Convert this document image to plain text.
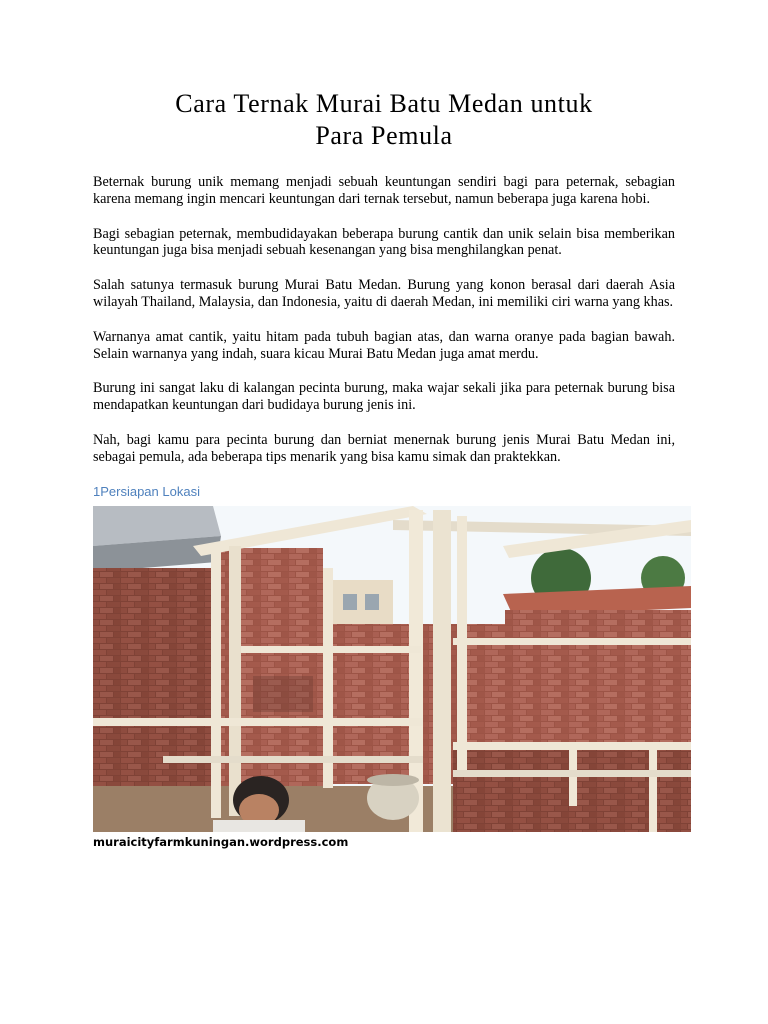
Cara Ternak Murai Batu Medan untuk
Para Pemula

Beternak burung unik memang menjadi sebuah keuntungan sendiri bagi para peternak, sebagian karena memang ingin mencari keuntungan dari ternak tersebut, namun beberapa juga karena hobi.

Bagi sebagian peternak, membudidayakan beberapa burung cantik dan unik selain bisa memberikan keuntungan juga bisa menjadi sebuah kesenangan yang bisa menghilangkan penat.

Salah satunya termasuk burung Murai Batu Medan. Burung yang konon berasal dari daerah Asia wilayah Thailand, Malaysia, dan Indonesia, yaitu di daerah Medan, ini memiliki ciri warna yang khas.

Warnanya amat cantik, yaitu hitam pada tubuh bagian atas, dan warna oranye pada bagian bawah. Selain warnanya yang indah, suara kicau Murai Batu Medan juga amat merdu.

Burung ini sangat laku di kalangan pecinta burung, maka wajar sekali jika para peternak burung bisa mendapatkan keuntungan dari budidaya burung jenis ini.

Nah, bagi kamu para pecinta burung dan berniat menernak burung jenis Murai Batu Medan ini, sebagai pemula, ada beberapa tips menarik yang bisa kamu simak dan praktekkan.

1Persiapan Lokasi
muraicityfarmkuningan.wordpress.com
